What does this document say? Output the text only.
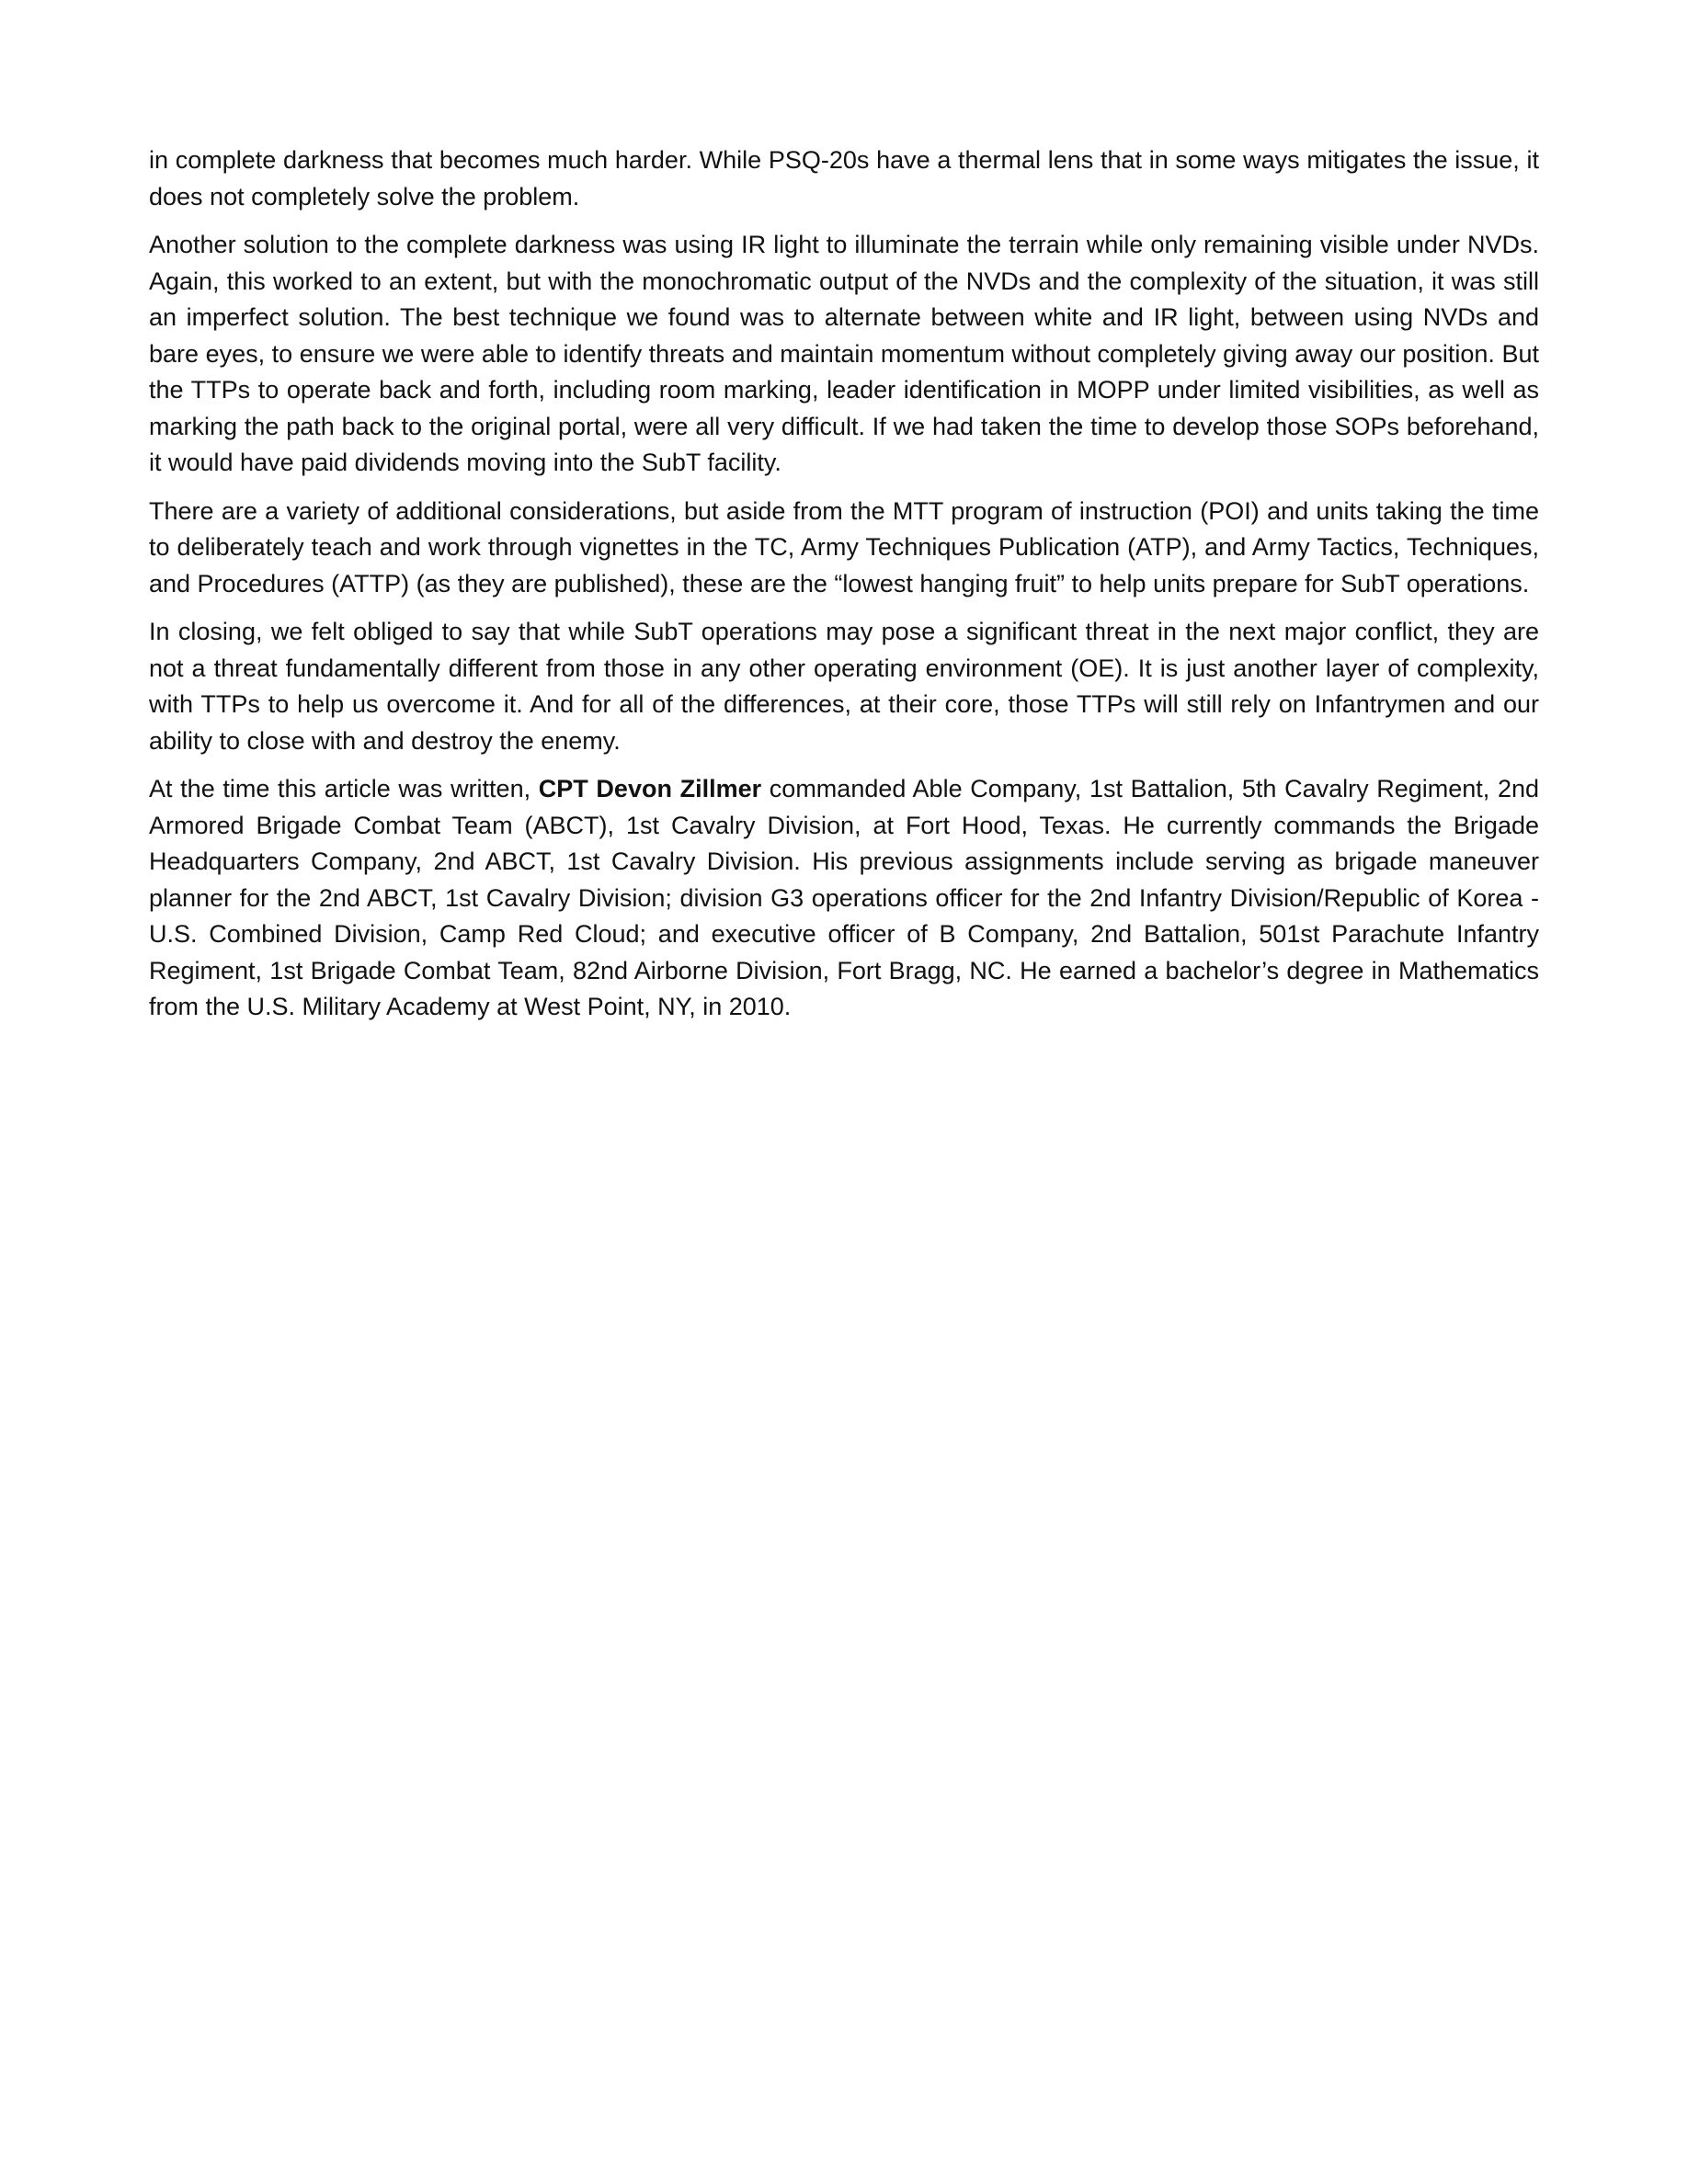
in complete darkness that becomes much harder. While PSQ-20s have a thermal lens that in some ways mitigates the issue, it does not completely solve the problem.

Another solution to the complete darkness was using IR light to illuminate the terrain while only remaining visible under NVDs. Again, this worked to an extent, but with the monochromatic output of the NVDs and the complexity of the situation, it was still an imperfect solution. The best technique we found was to alternate between white and IR light, between using NVDs and bare eyes, to ensure we were able to identify threats and maintain momentum without completely giving away our position. But the TTPs to operate back and forth, including room marking, leader identification in MOPP under limited visibilities, as well as marking the path back to the original portal, were all very difficult. If we had taken the time to develop those SOPs beforehand, it would have paid dividends moving into the SubT facility.

There are a variety of additional considerations, but aside from the MTT program of instruction (POI) and units taking the time to deliberately teach and work through vignettes in the TC, Army Techniques Publication (ATP), and Army Tactics, Techniques, and Procedures (ATTP) (as they are published), these are the “lowest hanging fruit” to help units prepare for SubT operations.

In closing, we felt obliged to say that while SubT operations may pose a significant threat in the next major conflict, they are not a threat fundamentally different from those in any other operating environment (OE). It is just another layer of complexity, with TTPs to help us overcome it. And for all of the differences, at their core, those TTPs will still rely on Infantrymen and our ability to close with and destroy the enemy.

At the time this article was written, CPT Devon Zillmer commanded Able Company, 1st Battalion, 5th Cavalry Regiment, 2nd Armored Brigade Combat Team (ABCT), 1st Cavalry Division, at Fort Hood, Texas. He currently commands the Brigade Headquarters Company, 2nd ABCT, 1st Cavalry Division. His previous assignments include serving as brigade maneuver planner for the 2nd ABCT, 1st Cavalry Division; division G3 operations officer for the 2nd Infantry Division/Republic of Korea - U.S. Combined Division, Camp Red Cloud; and executive officer of B Company, 2nd Battalion, 501st Parachute Infantry Regiment, 1st Brigade Combat Team, 82nd Airborne Division, Fort Bragg, NC. He earned a bachelor’s degree in Mathematics from the U.S. Military Academy at West Point, NY, in 2010.
